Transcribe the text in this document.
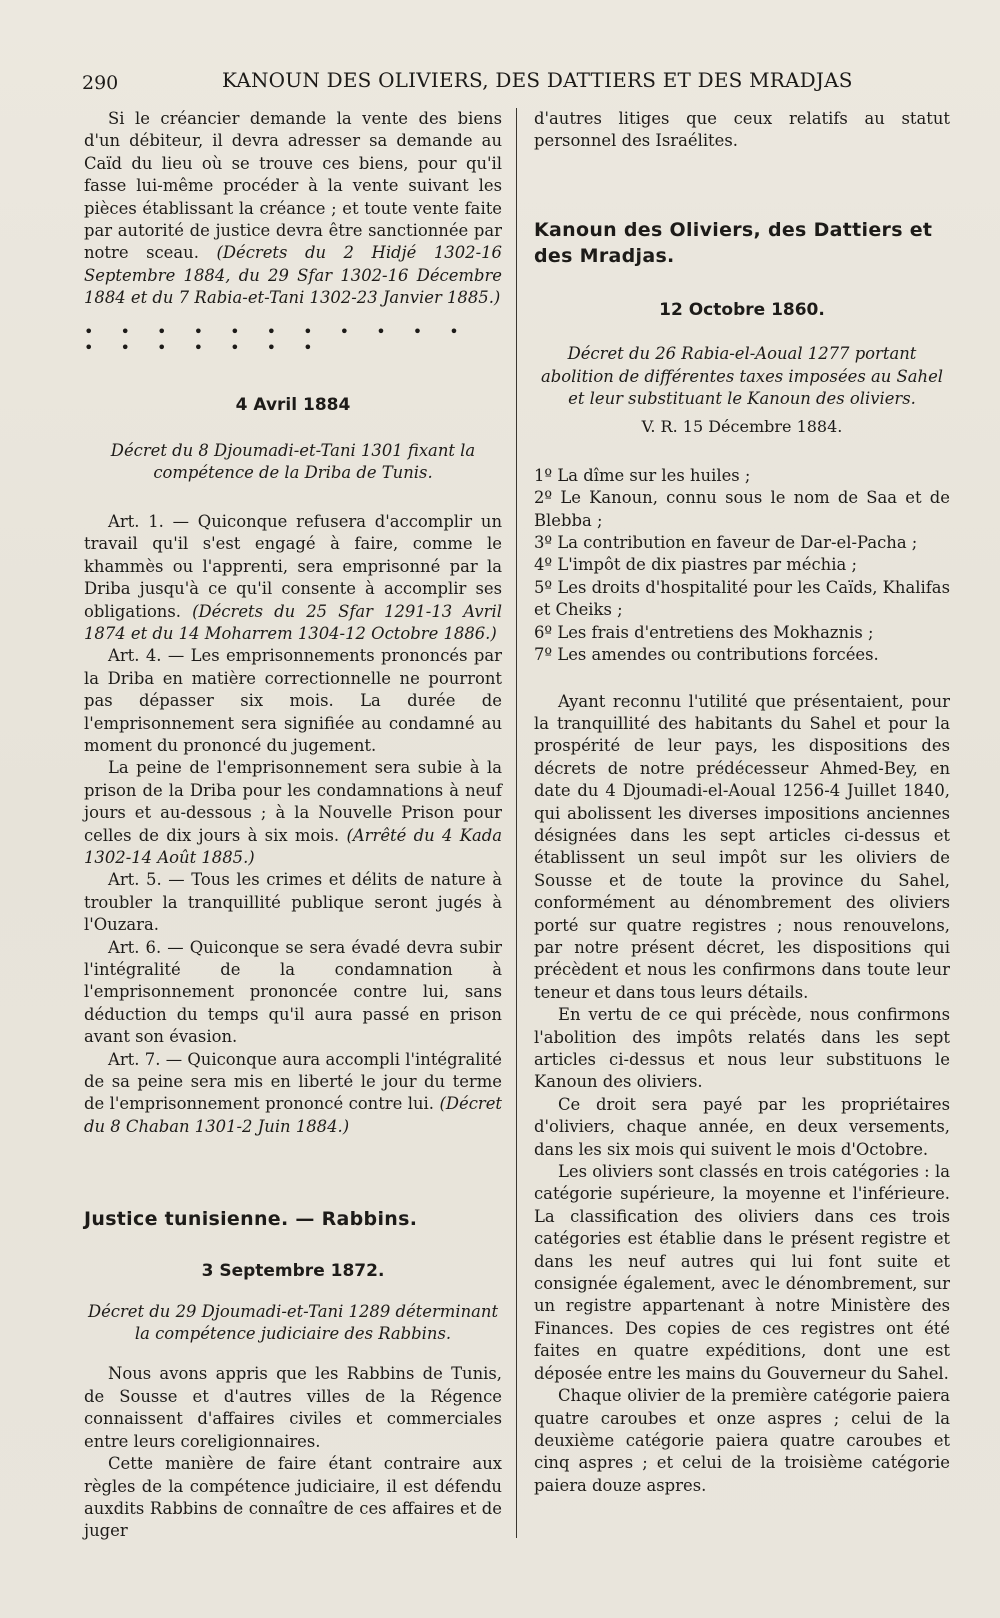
290	KANOUN DES OLIVIERS, DES DATTIERS ET DES MRADJAS

Si le créancier demande la vente des biens d'un débiteur, il devra adresser sa demande au Caïd du lieu où se trouve ces biens, pour qu'il fasse lui-même procéder à la vente suivant les pièces établissant la créance ; et toute vente faite par autorité de justice devra être sanctionnée par notre sceau. (Décrets du 2 Hidjé 1302-16 Septembre 1884, du 29 Sfar 1302-16 Décembre 1884 et du 7 Rabia-et-Tani 1302-23 Janvier 1885.)

• • • • • • • • • • • • • • • • • •
4 Avril 1884

Décret du 8 Djoumadi-et-Tani 1301 fixant la compétence de la Driba de Tunis.

Art. 1. — Quiconque refusera d'accomplir un travail qu'il s'est engagé à faire, comme le khammès ou l'apprenti, sera emprisonné par la Driba jusqu'à ce qu'il consente à accomplir ses obligations. (Décrets du 25 Sfar 1291-13 Avril 1874 et du 14 Moharrem 1304-12 Octobre 1886.)

Art. 4. — Les emprisonnements prononcés par la Driba en matière correctionnelle ne pourront pas dépasser six mois. La durée de l'emprisonnement sera signifiée au condamné au moment du prononcé du jugement.

La peine de l'emprisonnement sera subie à la prison de la Driba pour les condamnations à neuf jours et au-dessous ; à la Nouvelle Prison pour celles de dix jours à six mois. (Arrêté du 4 Kada 1302-14 Août 1885.)

Art. 5. — Tous les crimes et délits de nature à troubler la tranquillité publique seront jugés à l'Ouzara.

Art. 6. — Quiconque se sera évadé devra subir l'intégralité de la condamnation à l'emprisonnement prononcée contre lui, sans déduction du temps qu'il aura passé en prison avant son évasion.

Art. 7. — Quiconque aura accompli l'intégralité de sa peine sera mis en liberté le jour du terme de l'emprisonnement prononcé contre lui. (Décret du 8 Chaban 1301-2 Juin 1884.)

Justice tunisienne. — Rabbins.
3 Septembre 1872.

Décret du 29 Djoumadi-et-Tani 1289 déterminant la compétence judiciaire des Rabbins.

Nous avons appris que les Rabbins de Tunis, de Sousse et d'autres villes de la Régence connaissent d'affaires civiles et commerciales entre leurs coreligionnaires.

Cette manière de faire étant contraire aux règles de la compétence judiciaire, il est défendu auxdits Rabbins de connaître de ces affaires et de juger

d'autres litiges que ceux relatifs au statut personnel des Israélites.

Kanoun des Oliviers, des Dattiers et des Mradjas.
12 Octobre 1860.

Décret du 26 Rabia-el-Aoual 1277 portant abolition de différentes taxes imposées au Sahel et leur substituant le Kanoun des oliviers.

V. R. 15 Décembre 1884.

1º La dîme sur les huiles ;

2º Le Kanoun, connu sous le nom de Saa et de Blebba ;

3º La contribution en faveur de Dar-el-Pacha ;

4º L'impôt de dix piastres par méchia ;

5º Les droits d'hospitalité pour les Caïds, Khalifas et Cheiks ;

6º Les frais d'entretiens des Mokhaznis ;

7º Les amendes ou contributions forcées.

Ayant reconnu l'utilité que présentaient, pour la tranquillité des habitants du Sahel et pour la prospérité de leur pays, les dispositions des décrets de notre prédécesseur Ahmed-Bey, en date du 4 Djoumadi-el-Aoual 1256-4 Juillet 1840, qui abolissent les diverses impositions anciennes désignées dans les sept articles ci-dessus et établissent un seul impôt sur les oliviers de Sousse et de toute la province du Sahel, conformément au dénombrement des oliviers porté sur quatre registres ; nous renouvelons, par notre présent décret, les dispositions qui précèdent et nous les confirmons dans toute leur teneur et dans tous leurs détails.

En vertu de ce qui précède, nous confirmons l'abolition des impôts relatés dans les sept articles ci-dessus et nous leur substituons le Kanoun des oliviers.

Ce droit sera payé par les propriétaires d'oliviers, chaque année, en deux versements, dans les six mois qui suivent le mois d'Octobre.

Les oliviers sont classés en trois catégories : la catégorie supérieure, la moyenne et l'inférieure. La classification des oliviers dans ces trois catégories est établie dans le présent registre et dans les neuf autres qui lui font suite et consignée également, avec le dénombrement, sur un registre appartenant à notre Ministère des Finances. Des copies de ces registres ont été faites en quatre expéditions, dont une est déposée entre les mains du Gouverneur du Sahel.

Chaque olivier de la première catégorie paiera quatre caroubes et onze aspres ; celui de la deuxième catégorie paiera quatre caroubes et cinq aspres ; et celui de la troisième catégorie paiera douze aspres.
